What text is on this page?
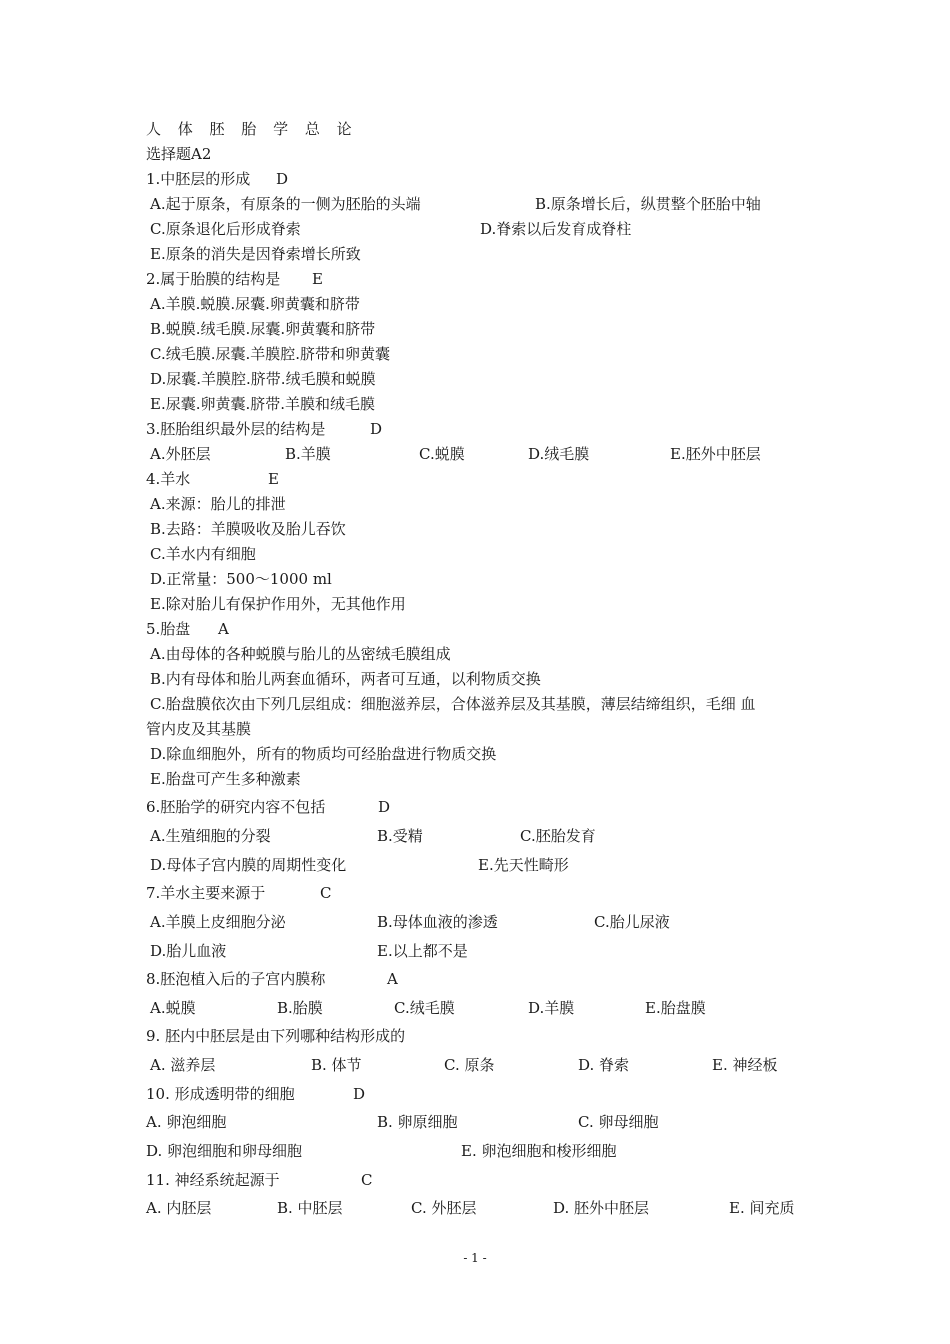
人 体 胚 胎 学 总 论
选择题A2
1.中胚层的形成 D
A.起于原条，有原条的一侧为胚胎的头端	B.原条增长后，纵贯整个胚胎中轴
C.原条退化后形成脊索	D.脊索以后发育成脊柱
E.原条的消失是因脊索增长所致
2.属于胎膜的结构是 E
A.羊膜.蜕膜.尿囊.卵黄囊和脐带
B.蜕膜.绒毛膜.尿囊.卵黄囊和脐带
C.绒毛膜.尿囊.羊膜腔.脐带和卵黄囊
D.尿囊.羊膜腔.脐带.绒毛膜和蜕膜
E.尿囊.卵黄囊.脐带.羊膜和绒毛膜
3.胚胎组织最外层的结构是	D
A.外胚层	B.羊膜	C.蜕膜	D.绒毛膜	E.胚外中胚层
4.羊水	E
A.来源：胎儿的排泄
B.去路：羊膜吸收及胎儿吞饮
C.羊水内有细胞
D.正常量：500～1000 ml
E.除对胎儿有保护作用外，无其他作用
5.胎盘 A
A.由母体的各种蜕膜与胎儿的丛密绒毛膜组成
B.内有母体和胎儿两套血循环，两者可互通，以利物质交换
C.胎盘膜依次由下列几层组成：细胞滋养层，合体滋养层及其基膜，薄层结缔组织，毛细 血
管内皮及其基膜
D.除血细胞外，所有的物质均可经胎盘进行物质交换
E.胎盘可产生多种激素
6.胚胎学的研究内容不包括	D
A.生殖细胞的分裂	B.受精	C.胚胎发育
D.母体子宫内膜的周期性变化	E.先天性畸形
7.羊水主要来源于	C
A.羊膜上皮细胞分泌	B.母体血液的渗透	C.胎儿尿液
D.胎儿血液	E.以上都不是
8.胚泡植入后的子宫内膜称	A
A.蜕膜	B.胎膜	C.绒毛膜	D.羊膜	E.胎盘膜
9. 胚内中胚层是由下列哪种结构形成的
A. 滋养层	B. 体节	C. 原条	D. 脊索	E. 神经板
10. 形成透明带的细胞	D
A. 卵泡细胞	B. 卵原细胞	C. 卵母细胞
D. 卵泡细胞和卵母细胞	E. 卵泡细胞和梭形细胞
11. 神经系统起源于	C
A. 内胚层	B. 中胚层	C. 外胚层	D. 胚外中胚层	E. 间充质
- 1 -
